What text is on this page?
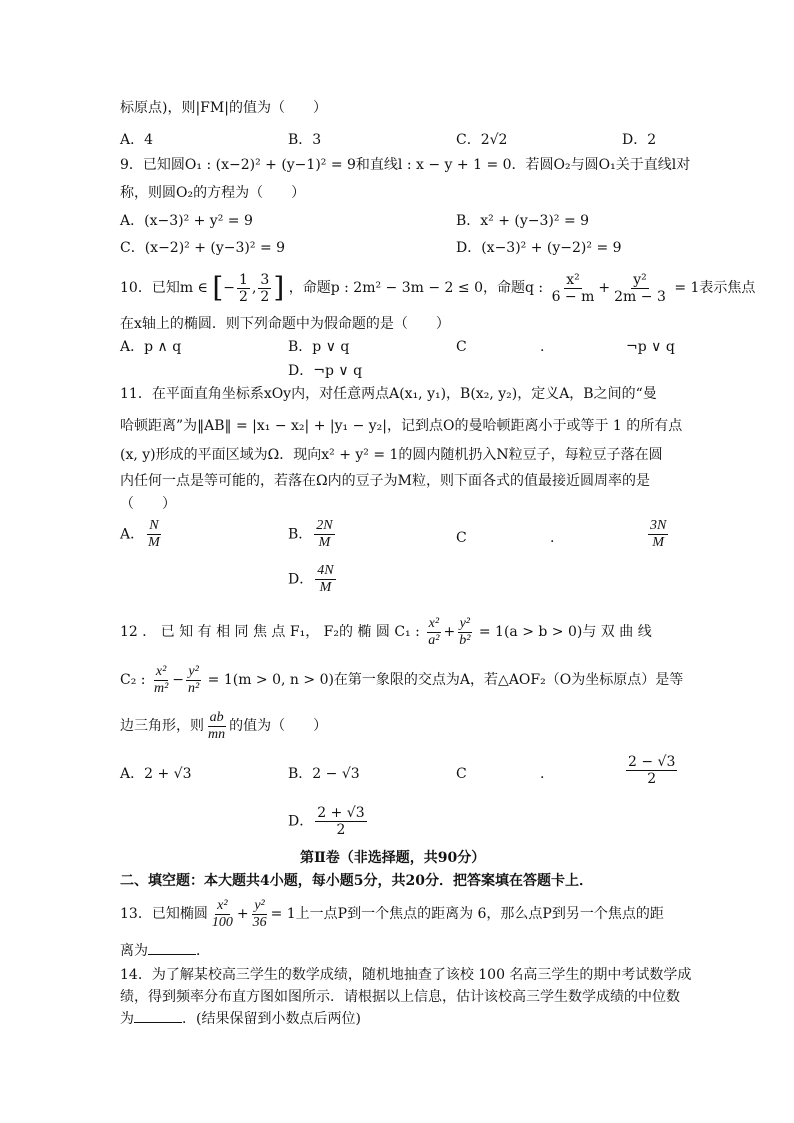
标原点)，则|FM|的值为（　　）
A．4	B．3	C．2√2	D．2
9．已知圆O₁ : (x−2)² + (y−1)² = 9和直线l : x − y + 1 = 0．若圆O₂与圆O₁关于直线l对
称，则圆O₂的方程为（　　）
A．(x−3)² + y² = 9	B．x² + (y−3)² = 9
C．(x−2)² + (y−3)² = 9	D．(x−3)² + (y−2)² = 9
10．已知m ∈ [− $\frac{1}{2}$ , $\frac{3}{2}$ ] ，命题p : 2m² − 3m − 2 ≤ 0，命题q : $\frac{\text{x²}}{6 - m} + \frac{\text{y²}}{2m - 3} = 1$表示焦点
在x轴上的椭圆．则下列命题中为假命题的是（　　）
A．p ∧ q	B．p ∨ q	C	.	¬p ∨ q
D．¬p ∨ q
11．在平面直角坐标系xOy内，对任意两点A(x₁, y₁)，B(x₂, y₂)，定义A，B之间的“曼
哈顿距离”为‖AB‖ = |x₁ − x₂| + |y₁ − y₂|，记到点O的曼哈顿距离小于或等于 1 的所有点
(x, y)形成的平面区域为Ω．现向x² + y² = 1的圆内随机扔入N粒豆子，每粒豆子落在圆
内任何一点是等可能的，若落在Ω内的豆子为M粒，则下面各式的值最接近圆周率的是
（　　）
A． $\frac{N}{M}$	B． $\frac{2N}{M}$	C	.	$\frac{3N}{M}$
D． $\frac{4N}{M}$
12 ． 已 知 有 相 同 焦 点 F₁， F₂的 椭 圆 C₁ : $\frac{\text{x²}}{\text{a²}} + \frac{\text{y²}}{\text{b²}} = 1(a > b > 0)$与 双 曲 线
C₂ : $\frac{\text{x²}}{\text{m²}} - \frac{\text{y²}}{\text{n²}} = 1(m > 0$, n > 0)在第一象限的交点为A，若△AOF₂（O为坐标原点）是等
边三角形，则 $\frac{ab}{mn}$ 的值为（　　）
A．2 + √3	B．2 − √3	C	.	$\frac{2 - √3}{2}$
D． $\frac{2 + √3}{2}$
第Ⅱ卷（非选择题，共90分）
二、填空题：本大题共4小题，每小题5分，共20分．把答案填在答题卡上．
13．已知椭圆 $\frac{\text{x²}}{100} + \frac{\text{y²}}{36} = 1$上一点P到一个焦点的距离为 6，那么点P到另一个焦点的距
离为	．
14．为了解某校高三学生的数学成绩，随机地抽查了该校 100 名高三学生的期中考试数学成
绩，得到频率分布直方图如图所示．请根据以上信息，估计该校高三学生数学成绩的中位数
为	．(结果保留到小数点后两位)
